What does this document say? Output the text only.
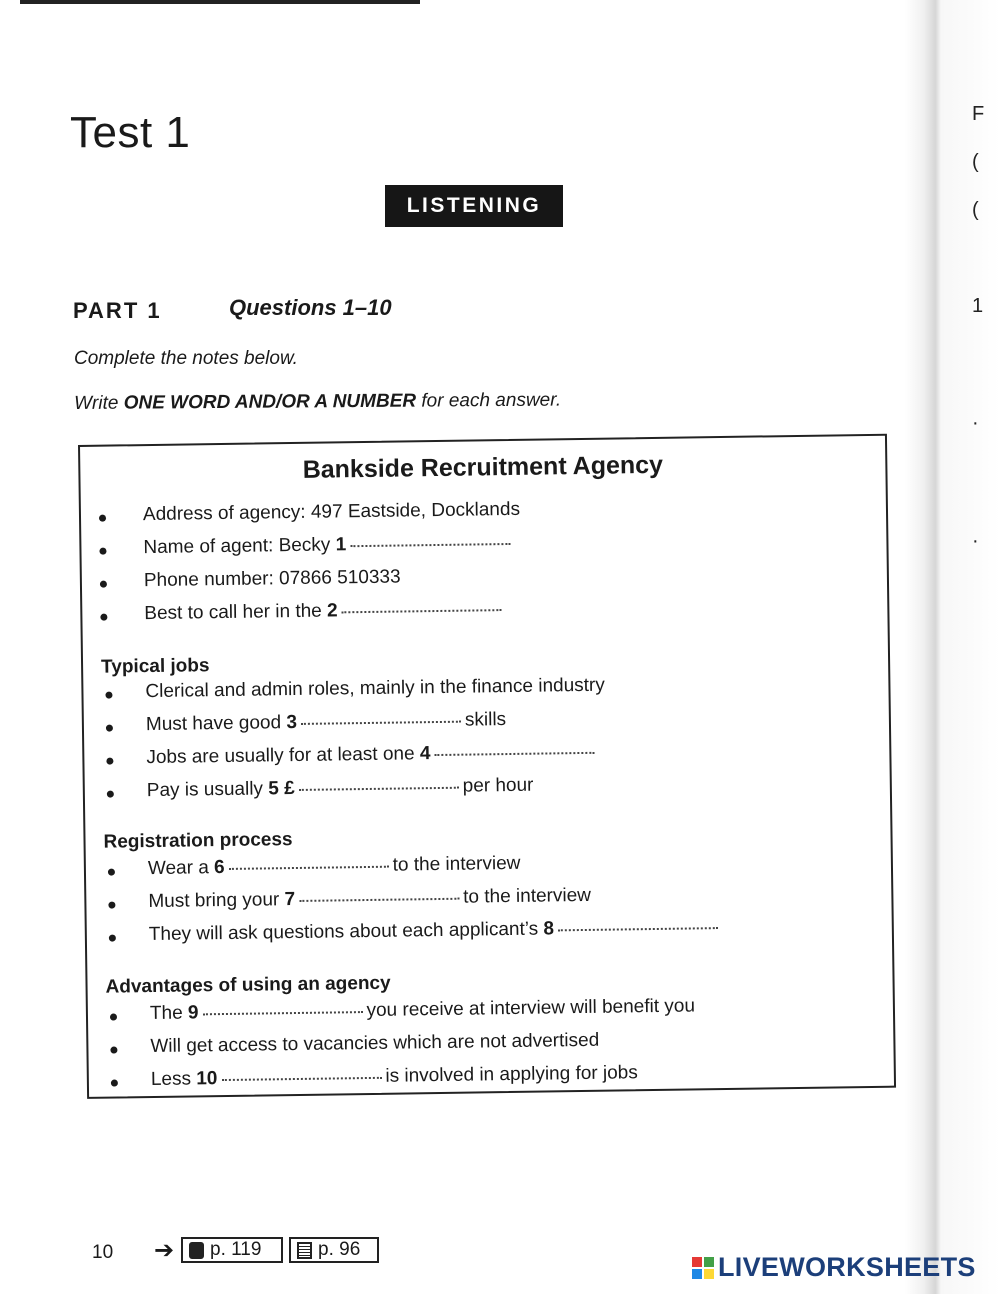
F
(
(
1
·
·
Test 1
LISTENING
PART 1	Questions 1–10
Complete the notes below.
Write ONE WORD AND/OR A NUMBER for each answer.
Bankside Recruitment Agency
Address of agency: 497 Eastside, Docklands
Name of agent: Becky 1
Phone number: 07866 510333
Best to call her in the 2
Typical jobs
Clerical and admin roles, mainly in the finance industry
Must have good 3	skills
Jobs are usually for at least one 4
Pay is usually 5 £	per hour
Registration process
Wear a 6	to the interview
Must bring your 7	to the interview
They will ask questions about each applicant’s 8
Advantages of using an agency
The 9	you receive at interview will benefit you
Will get access to vacancies which are not advertised
Less 10	is involved in applying for jobs
10 ➔ p. 119	p. 96
LIVEWORKSHEETS
